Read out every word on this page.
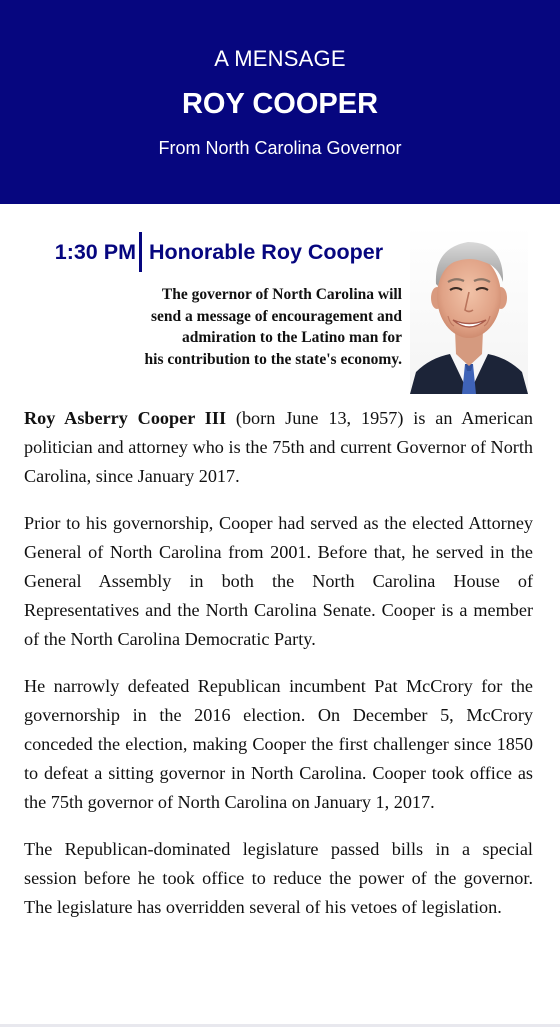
A MENSAGE
ROY COOPER
From North Carolina Governor
1:30 PM Honorable Roy Cooper
The governor of North Carolina will
send a message of encouragement and
admiration to the Latino man for
his contribution to the state's economy.

Roy Asberry Cooper III (born June 13, 1957) is an American politician and attorney who is the 75th and current Governor of North Carolina, since January 2017.

Prior to his governorship, Cooper had served as the elected Attorney General of North Carolina from 2001. Before that, he served in the General Assembly in both the North Carolina House of Representatives and the North Carolina Senate. Cooper is a member of the North Carolina Democratic Party.

He narrowly defeated Republican incumbent Pat McCrory for the governorship in the 2016 election. On December 5, McCrory conceded the election, making Cooper the first challenger since 1850 to defeat a sitting governor in North Carolina. Cooper took office as the 75th governor of North Carolina on January 1, 2017.

The Republican-dominated legislature passed bills in a special session before he took office to reduce the power of the governor. The legislature has overridden several of his vetoes of legislation.
